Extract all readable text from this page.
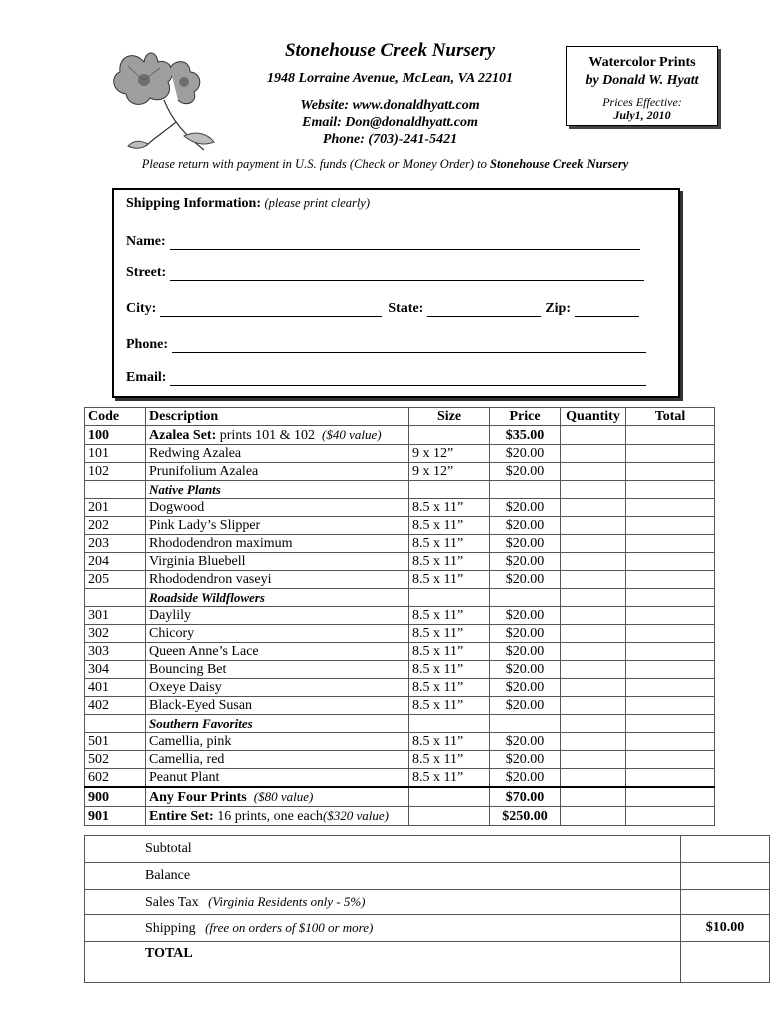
Stonehouse Creek Nursery
1948 Lorraine Avenue, McLean, VA 22101
Website: www.donaldhyatt.com
Email: Don@donaldhyatt.com
Phone: (703)-241-5421
Watercolor Prints
by Donald W. Hyatt
Prices Effective:
July1, 2010
Please return with payment in U.S. funds (Check or Money Order) to Stonehouse Creek Nursery
Shipping Information: (please print clearly)
Name:
Street:
City:	State:	Zip:
Phone:
Email:
Code	Description	Size	Price	Quantity	Total
100	Azalea Set: prints 101 & 102  ($40 value)		$35.00		
101	Redwing Azalea	9 x 12”	$20.00		
102	Prunifolium Azalea	9 x 12”	$20.00		
	Native Plants				
201	Dogwood	8.5 x 11”	$20.00		
202	Pink Lady’s Slipper	8.5 x 11”	$20.00		
203	Rhododendron maximum	8.5 x 11”	$20.00		
204	Virginia Bluebell	8.5 x 11”	$20.00		
205	Rhododendron vaseyi	8.5 x 11”	$20.00		
	Roadside Wildflowers				
301	Daylily	8.5 x 11”	$20.00		
302	Chicory	8.5 x 11”	$20.00		
303	Queen Anne’s Lace	8.5 x 11”	$20.00		
304	Bouncing Bet	8.5 x 11”	$20.00		
401	Oxeye Daisy	8.5 x 11”	$20.00		
402	Black-Eyed Susan	8.5 x 11”	$20.00		
	Southern Favorites				
501	Camellia, pink	8.5 x 11”	$20.00		
502	Camellia, red	8.5 x 11”	$20.00		
602	Peanut Plant	8.5 x 11”	$20.00		
900	Any Four Prints ($80 value)		$70.00		
901	Entire Set: 16 prints, one each($320 value)		$250.00		
Subtotal	
Balance	
Sales Tax (Virginia Residents only - 5%)	
Shipping (free on orders of $100 or more)	$10.00
TOTAL	
